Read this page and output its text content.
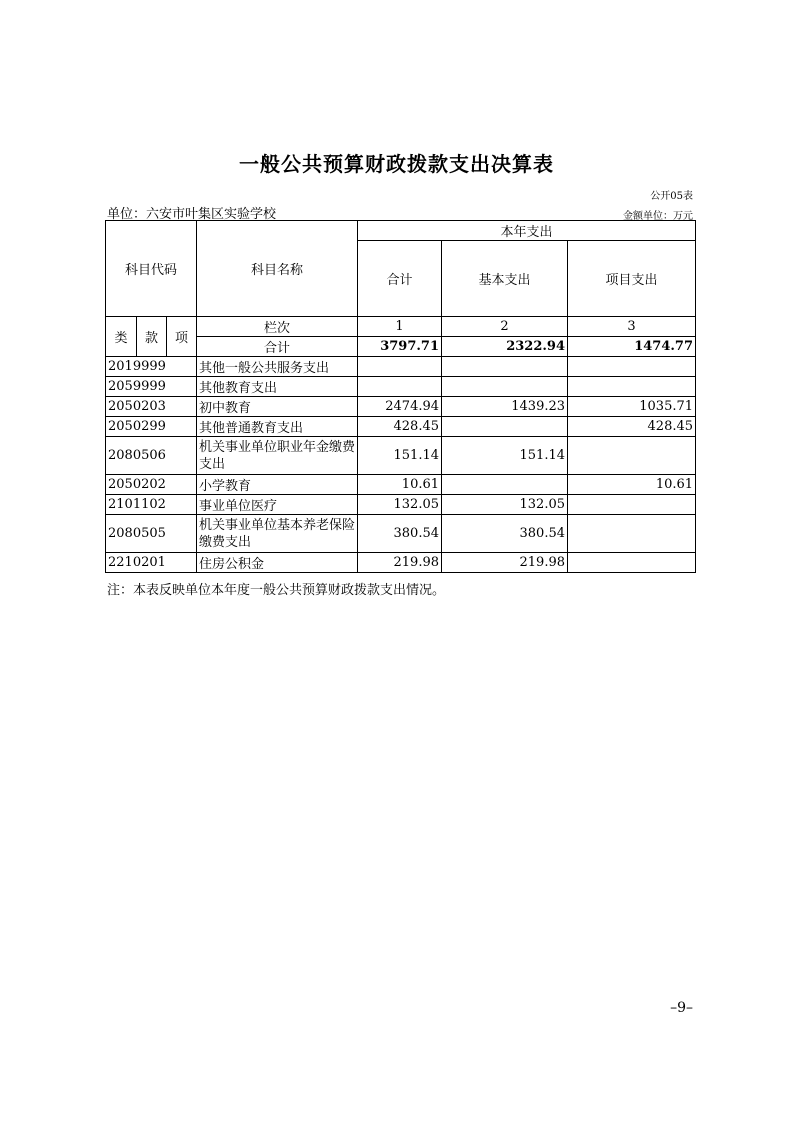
一般公共预算财政拨款支出决算表
公开05表
单位：六安市叶集区实验学校	金额单位：万元
科目代码			科目名称	本年支出		
				合计	基本支出	项目支出
类	款	项	栏次	1	2	3
			合计	3797.71	2322.94	1474.77
2019999			其他一般公共服务支出			
2059999			其他教育支出			
2050203			初中教育	2474.94	1439.23	1035.71
2050299			其他普通教育支出	428.45		428.45
2080506			机关事业单位职业年金缴费支出	151.14	151.14	
2050202			小学教育	10.61		10.61
2101102			事业单位医疗	132.05	132.05	
2080505			机关事业单位基本养老保险缴费支出	380.54	380.54	
2210201			住房公积金	219.98	219.98	
注：本表反映单位本年度一般公共预算财政拨款支出情况。
–9–
